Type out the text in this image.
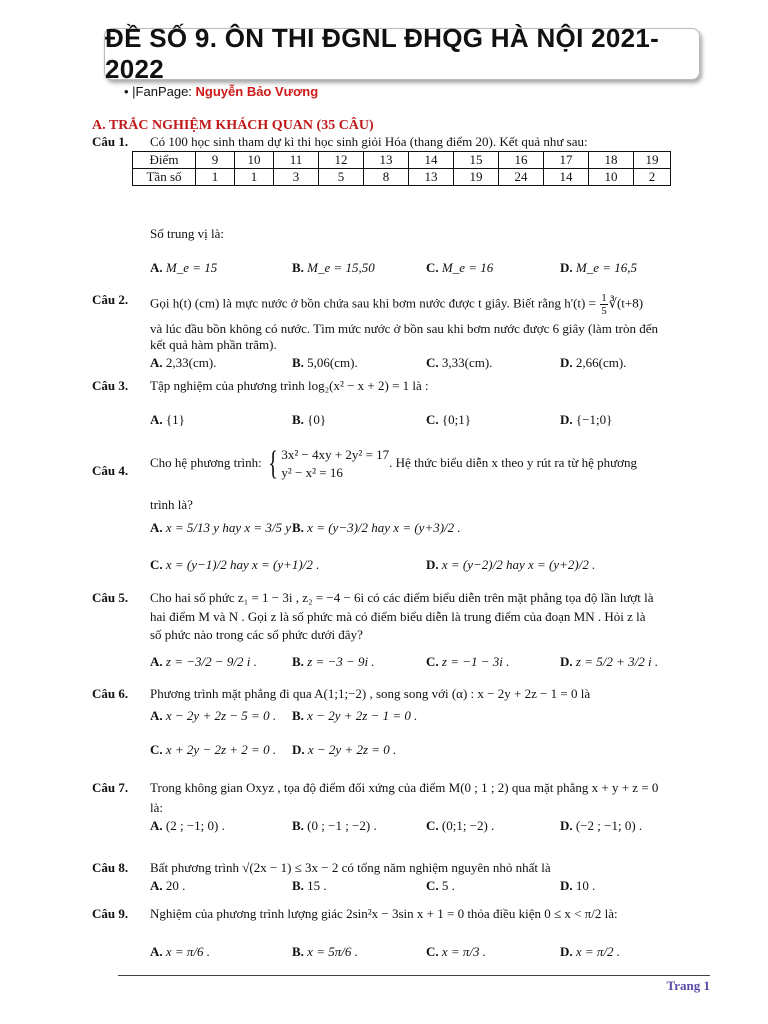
ĐỀ SỐ 9. ÔN THI ĐGNL ĐHQG HÀ NỘI 2021-2022
• |FanPage: Nguyễn Bảo Vương
A. TRẮC NGHIỆM KHÁCH QUAN (35 CÂU)
Câu 1. Có 100 học sinh tham dự kì thi học sinh giỏi Hóa (thang điểm 20). Kết quả như sau:
Điểm	9	10	11	12	13	14	15	16	17	18	19
Tần số	1	1	3	5	8	13	19	24	14	10	2
Số trung vị là:
A. M_e = 15	B. M_e = 15,50	C. M_e = 16	D. M_e = 16,5
Câu 2. Gọi h(t) (cm) là mực nước ở bồn chứa sau khi bơm nước được t giây. Biết rằng $h'(t) = \frac{1}{5}$ ∛(t+8)
và lúc đầu bồn không có nước. Tìm mức nước ở bồn sau khi bơm nước được 6 giây (làm tròn đến
kết quả hàm phần trăm).
A. 2,33(cm).	B. 5,06(cm).	C. 3,33(cm).	D. 2,66(cm).
Câu 3. Tập nghiệm của phương trình log₂(x² − x + 2) = 1 là :
A. {1}	B. {0}	C. {0;1}	D. {−1;0}
Câu 4.
Cho hệ phương trình: { 3x² − 4xy + 2y² = 17
y² − x² = 16
. Hệ thức biểu diễn x theo y rút ra từ hệ phương
trình là?
A. x = 5/13 y hay x = 3/5 y B. x = (y−3)/2 hay x = (y+3)/2 .
C. x = (y−1)/2 hay x = (y+1)/2 .	D. x = (y−2)/2 hay x = (y+2)/2 .
Câu 5. Cho hai số phức z₁ = 1 − 3i , z₂ = −4 − 6i có các điểm biểu diễn trên mặt phẳng tọa độ lần lượt là
hai điểm M và N . Gọi z là số phức mà có điểm biểu diễn là trung điểm của đoạn MN . Hỏi z là
số phức nào trong các số phức dưới đây?
A. z = −3/2 − 9/2 i .	B. z = −3 − 9i .	C. z = −1 − 3i .	D. z = 5/2 + 3/2 i .
Câu 6. Phương trình mặt phẳng đi qua A(1;1;−2) , song song với (α) : x − 2y + 2z − 1 = 0 là
A. x − 2y + 2z − 5 = 0 . B. x − 2y + 2z − 1 = 0 .
C. x + 2y − 2z + 2 = 0 . D. x − 2y + 2z = 0 .
Câu 7. Trong không gian Oxyz , tọa độ điểm đối xứng của điểm M(0 ; 1 ; 2) qua mặt phẳng x + y + z = 0
là:
A. (2 ; −1; 0) .	B. (0 ; −1 ; −2) .	C. (0;1; −2) .	D. (−2 ; −1; 0) .
Câu 8. Bất phương trình √(2x − 1) ≤ 3x − 2 có tổng năm nghiệm nguyên nhỏ nhất là
A. 20 .	B. 15 .	C. 5 .	D. 10 .
Câu 9. Nghiệm của phương trình lượng giác 2sin²x − 3sin x + 1 = 0 thỏa điều kiện 0 ≤ x < π/2 là:
A. x = π/6 .	B. x = 5π/6 .	C. x = π/3 .	D. x = π/2 .
Trang 1
